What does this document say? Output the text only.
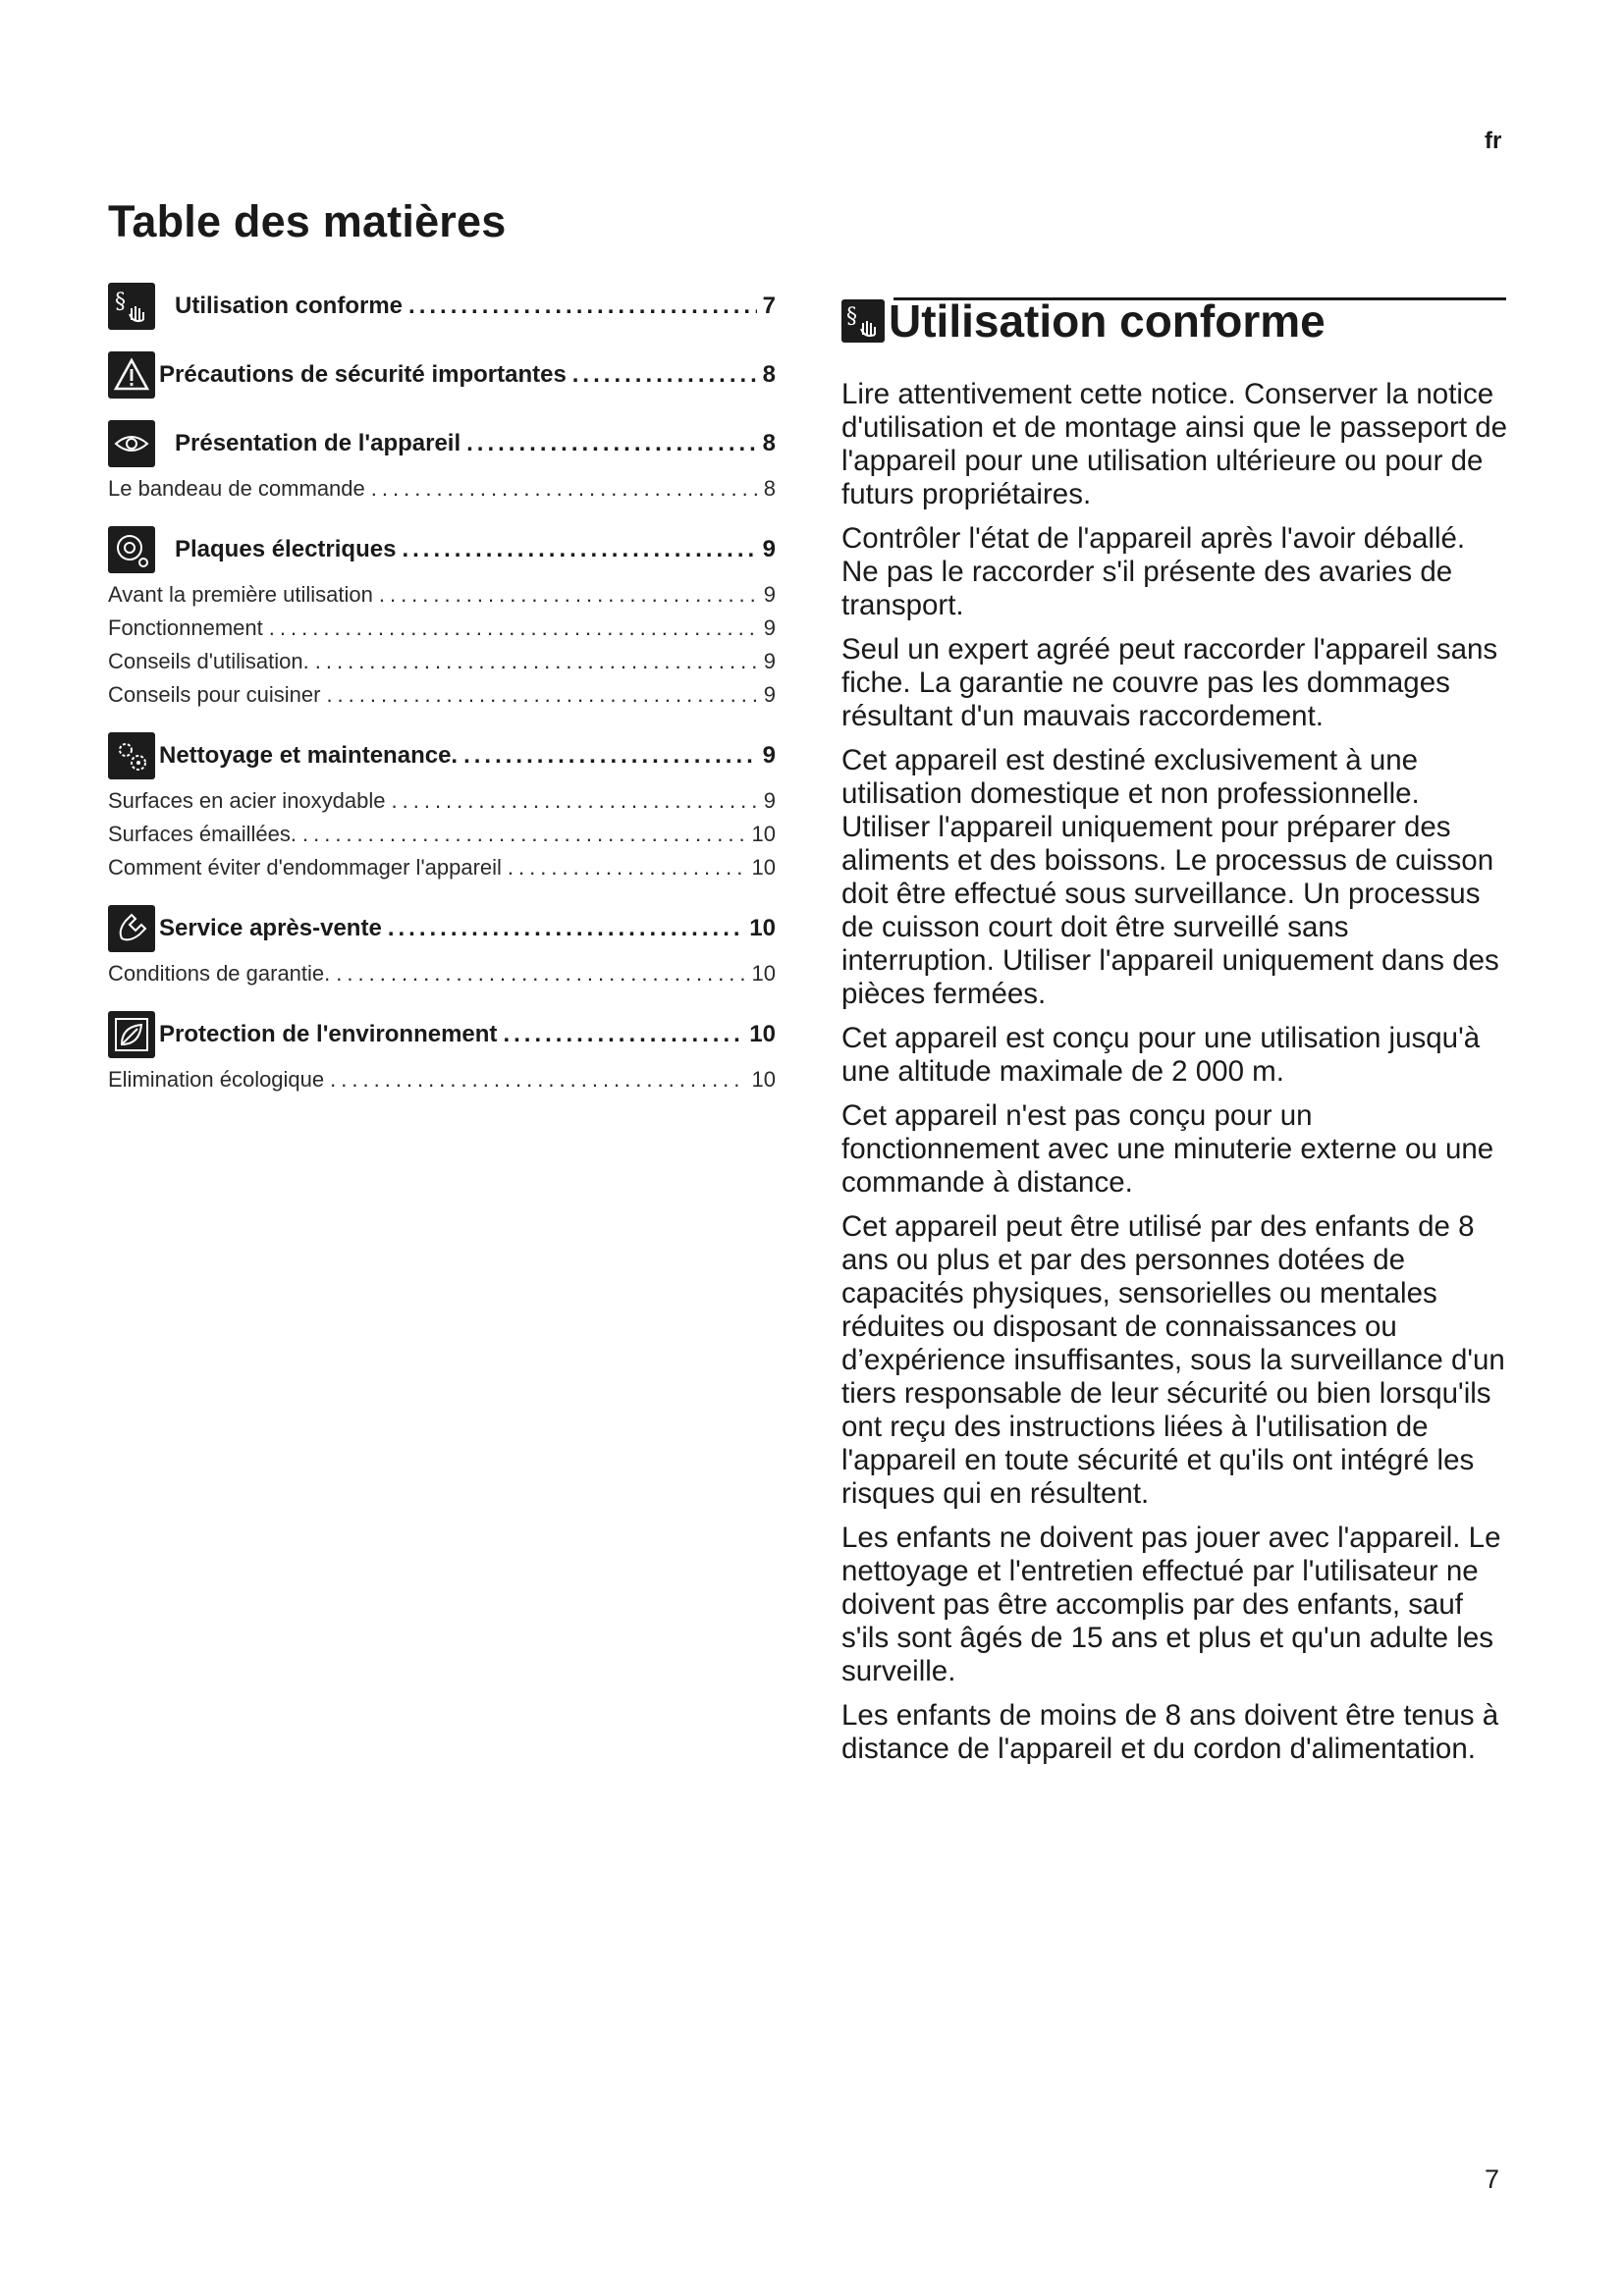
fr
Table des matières
§ Utilisation conforme .....	7
Précautions de sécurité importantes .....	8
Présentation de l'appareil .....	8
Le bandeau de commande .....	8
Plaques électriques .....	9
Avant la première utilisation .....	9
Fonctionnement .....	9
Conseils d'utilisation. .....	9
Conseils pour cuisiner .....	9
Nettoyage et maintenance. .....	9
Surfaces en acier inoxydable .....	9
Surfaces émaillées. .....	10
Comment éviter d'endommager l'appareil .....	10
Service après-vente .....	10
Conditions de garantie. .....	10
Protection de l'environnement .....	10
Elimination écologique .....	10
§ Utilisation conforme

Lire attentivement cette notice. Conserver la notice d'utilisation et de montage ainsi que le passeport de l'appareil pour une utilisation ultérieure ou pour de futurs propriétaires.

Contrôler l'état de l'appareil après l'avoir déballé. Ne pas le raccorder s'il présente des avaries de transport.

Seul un expert agréé peut raccorder l'appareil sans fiche. La garantie ne couvre pas les dommages résultant d'un mauvais raccordement.

Cet appareil est destiné exclusivement à une utilisation domestique et non professionnelle. Utiliser l'appareil uniquement pour préparer des aliments et des boissons. Le processus de cuisson doit être effectué sous surveillance. Un processus de cuisson court doit être surveillé sans interruption. Utiliser l'appareil uniquement dans des pièces fermées.

Cet appareil est conçu pour une utilisation jusqu'à une altitude maximale de 2 000 m.

Cet appareil n'est pas conçu pour un fonctionnement avec une minuterie externe ou une commande à distance.

Cet appareil peut être utilisé par des enfants de 8 ans ou plus et par des personnes dotées de capacités physiques, sensorielles ou mentales réduites ou disposant de connaissances ou d’expérience insuffisantes, sous la surveillance d'un tiers responsable de leur sécurité ou bien lorsqu'ils ont reçu des instructions liées à l'utilisation de l'appareil en toute sécurité et qu'ils ont intégré les risques qui en résultent.

Les enfants ne doivent pas jouer avec l'appareil. Le nettoyage et l'entretien effectué par l'utilisateur ne doivent pas être accomplis par des enfants, sauf s'ils sont âgés de 15 ans et plus et qu'un adulte les surveille.

Les enfants de moins de 8 ans doivent être tenus à distance de l'appareil et du cordon d'alimentation.

7
